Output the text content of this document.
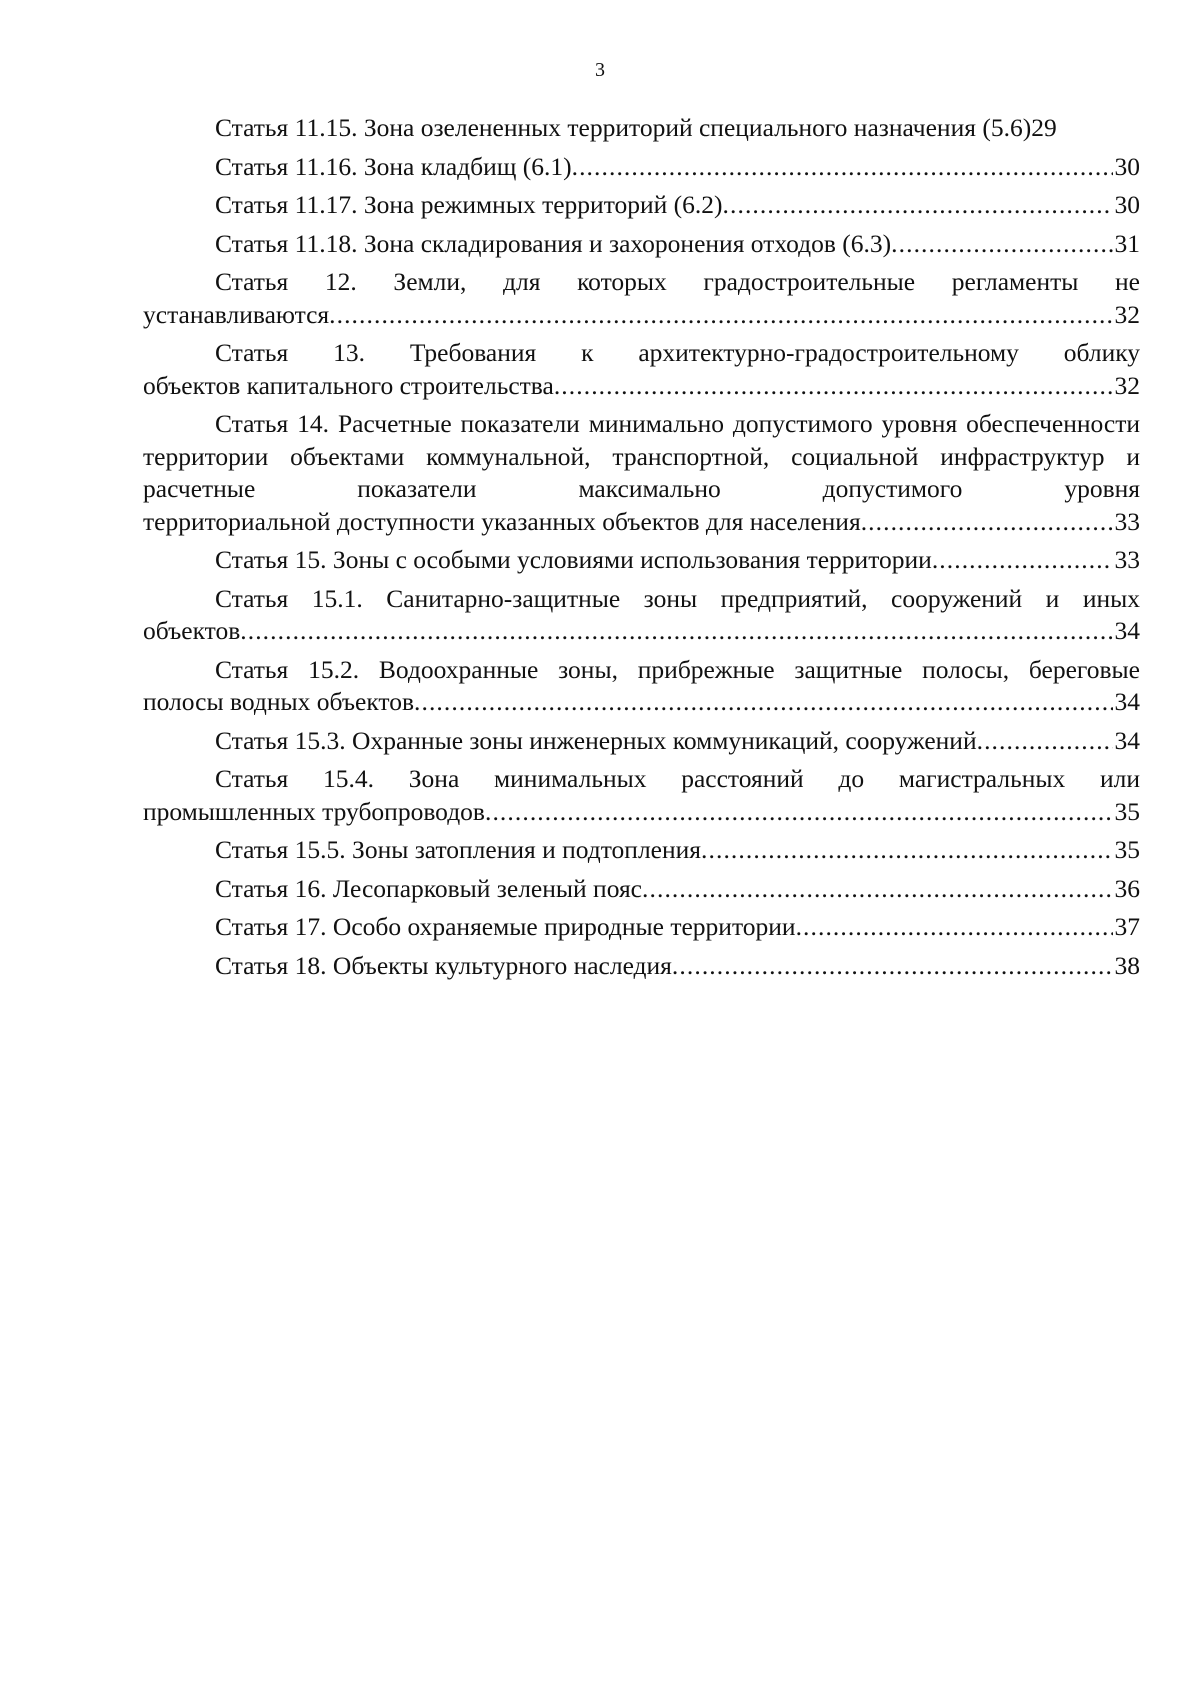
3
Статья 11.15. Зона озелененных территорий специального назначения (5.6) 29
Статья 11.16. Зона кладбищ (6.1) .....	30
Статья 11.17. Зона режимных территорий (6.2) .....	30
Статья 11.18. Зона складирования и захоронения отходов (6.3) .....	31
Статья 12. Земли, для которых градостроительные регламенты не
устанавливаются .....	32
Статья 13. Требования к архитектурно-градостроительному облику
объектов капитального строительства .....	32
Статья 14. Расчетные показатели минимально допустимого уровня обеспеченности территории объектами коммунальной, транспортной, социальной инфраструктур и расчетные показатели максимально допустимого уровня
территориальной доступности указанных объектов для населения .....	33
Статья 15. Зоны с особыми условиями использования территории .....	33
Статья 15.1. Санитарно-защитные зоны предприятий, сооружений и иных
объектов .....	34
Статья 15.2. Водоохранные зоны, прибрежные защитные полосы, береговые
полосы водных объектов .....	34
Статья 15.3. Охранные зоны инженерных коммуникаций, сооружений .....	34
Статья 15.4. Зона минимальных расстояний до магистральных или
промышленных трубопроводов .....	35
Статья 15.5. Зоны затопления и подтопления .....	35
Статья 16. Лесопарковый зеленый пояс .....	36
Статья 17. Особо охраняемые природные территории .....	37
Статья 18. Объекты культурного наследия .....	38
